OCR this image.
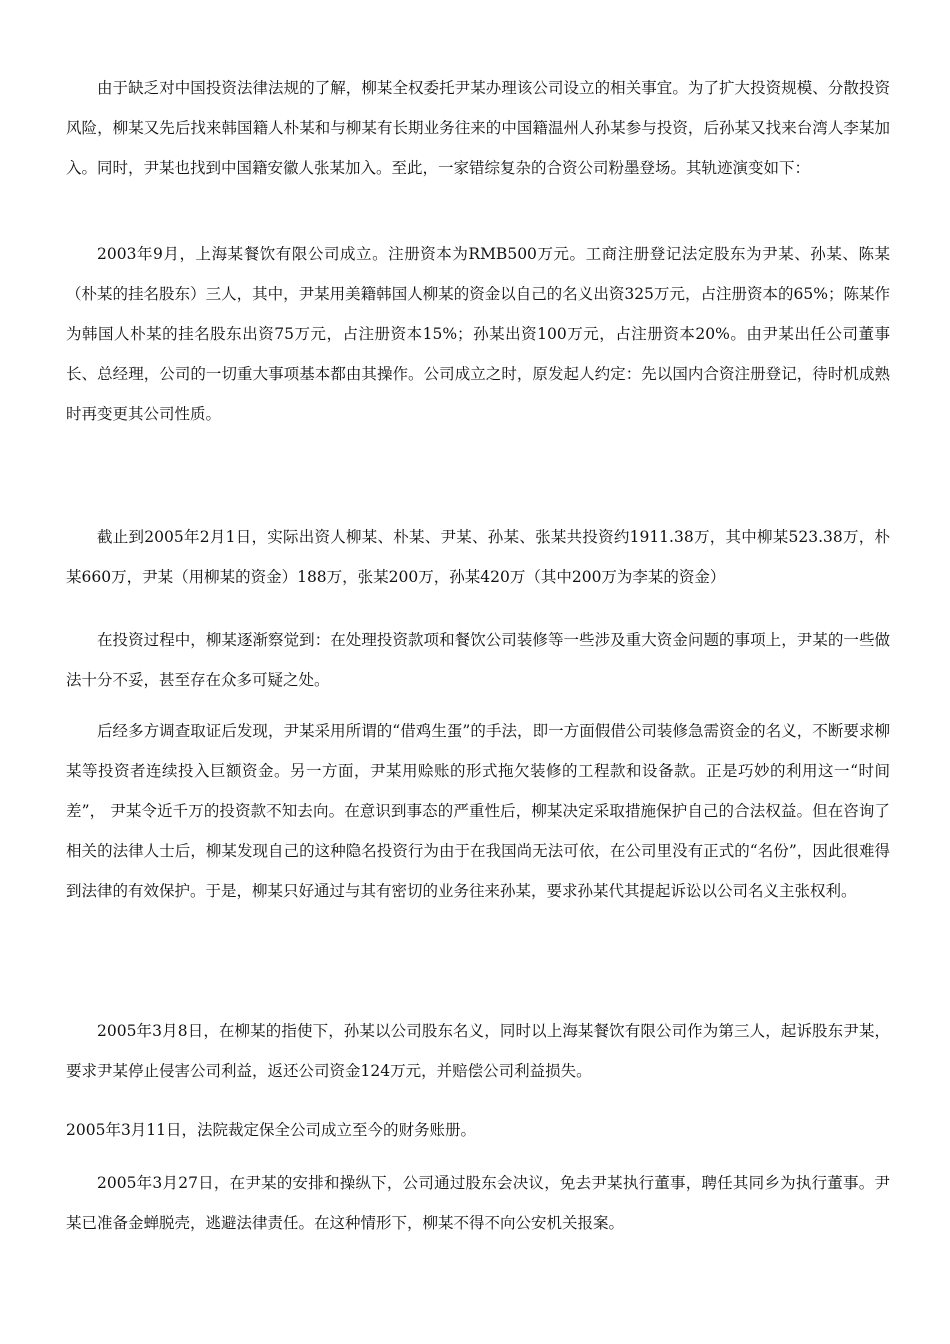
由于缺乏对中国投资法律法规的了解，柳某全权委托尹某办理该公司设立的相关事宜。为了扩大投资规模、分散投资风险，柳某又先后找来韩国籍人朴某和与柳某有长期业务往来的中国籍温州人孙某参与投资，后孙某又找来台湾人李某加入。同时，尹某也找到中国籍安徽人张某加入。至此，一家错综复杂的合资公司粉墨登场。其轨迹演变如下：

2003年9月，上海某餐饮有限公司成立。注册资本为RMB500万元。工商注册登记法定股东为尹某、孙某、陈某（朴某的挂名股东）三人，其中，尹某用美籍韩国人柳某的资金以自己的名义出资325万元，占注册资本的65%；陈某作为韩国人朴某的挂名股东出资75万元，占注册资本15%；孙某出资100万元，占注册资本20%。由尹某出任公司董事长、总经理，公司的一切重大事项基本都由其操作。公司成立之时，原发起人约定：先以国内合资注册登记，待时机成熟时再变更其公司性质。

截止到2005年2月1日，实际出资人柳某、朴某、尹某、孙某、张某共投资约1911.38万，其中柳某523.38万，朴某660万，尹某（用柳某的资金）188万，张某200万，孙某420万（其中200万为李某的资金）

在投资过程中，柳某逐渐察觉到：在处理投资款项和餐饮公司装修等一些涉及重大资金问题的事项上，尹某的一些做法十分不妥，甚至存在众多可疑之处。

后经多方调查取证后发现，尹某采用所谓的“借鸡生蛋”的手法，即一方面假借公司装修急需资金的名义，不断要求柳某等投资者连续投入巨额资金。另一方面，尹某用赊账的形式拖欠装修的工程款和设备款。正是巧妙的利用这一“时间差”， 尹某令近千万的投资款不知去向。在意识到事态的严重性后，柳某决定采取措施保护自己的合法权益。但在咨询了相关的法律人士后，柳某发现自己的这种隐名投资行为由于在我国尚无法可依，在公司里没有正式的“名份”，因此很难得到法律的有效保护。于是，柳某只好通过与其有密切的业务往来孙某，要求孙某代其提起诉讼以公司名义主张权利。

2005年3月8日，在柳某的指使下，孙某以公司股东名义，同时以上海某餐饮有限公司作为第三人，起诉股东尹某，要求尹某停止侵害公司利益，返还公司资金124万元，并赔偿公司利益损失。

2005年3月11日，法院裁定保全公司成立至今的财务账册。

2005年3月27日，在尹某的安排和操纵下，公司通过股东会决议，免去尹某执行董事，聘任其同乡为执行董事。尹某已准备金蝉脱壳，逃避法律责任。在这种情形下，柳某不得不向公安机关报案。
